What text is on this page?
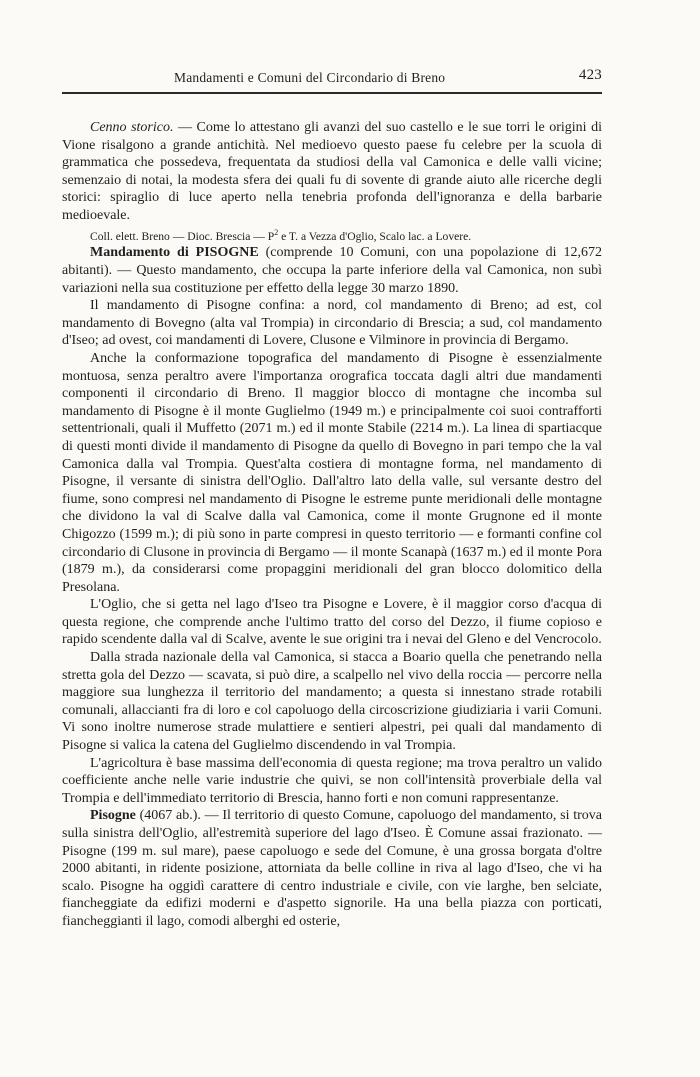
Mandamenti e Comuni del Circondario di Breno	423

Cenno storico. — Come lo attestano gli avanzi del suo castello e le sue torri le origini di Vione risalgono a grande antichità. Nel medioevo questo paese fu celebre per la scuola di grammatica che possedeva, frequentata da studiosi della val Camonica e delle valli vicine; semenzaio di notai, la modesta sfera dei quali fu di sovente di grande aiuto alle ricerche degli storici: spiraglio di luce aperto nella tenebria profonda dell'ignoranza e della barbarie medioevale.

Coll. elett. Breno — Dioc. Brescia — $P^2$ e T. a Vezza d'Oglio, Scalo lac. a Lovere.

Mandamento di PISOGNE (comprende 10 Comuni, con una popolazione di 12,672 abitanti). — Questo mandamento, che occupa la parte inferiore della val Camonica, non subì variazioni nella sua costituzione per effetto della legge 30 marzo 1890.

Il mandamento di Pisogne confina: a nord, col mandamento di Breno; ad est, col mandamento di Bovegno (alta val Trompia) in circondario di Brescia; a sud, col mandamento d'Iseo; ad ovest, coi mandamenti di Lovere, Clusone e Vilminore in provincia di Bergamo.

Anche la conformazione topografica del mandamento di Pisogne è essenzialmente montuosa, senza peraltro avere l'importanza orografica toccata dagli altri due mandamenti componenti il circondario di Breno. Il maggior blocco di montagne che incomba sul mandamento di Pisogne è il monte Guglielmo (1949 m.) e principalmente coi suoi contrafforti settentrionali, quali il Muffetto (2071 m.) ed il monte Stabile (2214 m.). La linea di spartiacque di questi monti divide il mandamento di Pisogne da quello di Bovegno in pari tempo che la val Camonica dalla val Trompia. Quest'alta costiera di montagne forma, nel mandamento di Pisogne, il versante di sinistra dell'Oglio. Dall'altro lato della valle, sul versante destro del fiume, sono compresi nel mandamento di Pisogne le estreme punte meridionali delle montagne che dividono la val di Scalve dalla val Camonica, come il monte Grugnone ed il monte Chigozzo (1599 m.); di più sono in parte compresi in questo territorio — e formanti confine col circondario di Clusone in provincia di Bergamo — il monte Scanapà (1637 m.) ed il monte Pora (1879 m.), da considerarsi come propaggini meridionali del gran blocco dolomitico della Presolana.

L'Oglio, che si getta nel lago d'Iseo tra Pisogne e Lovere, è il maggior corso d'acqua di questa regione, che comprende anche l'ultimo tratto del corso del Dezzo, il fiume copioso e rapido scendente dalla val di Scalve, avente le sue origini tra i nevai del Gleno e del Vencrocolo.

Dalla strada nazionale della val Camonica, si stacca a Boario quella che penetrando nella stretta gola del Dezzo — scavata, si può dire, a scalpello nel vivo della roccia — percorre nella maggiore sua lunghezza il territorio del mandamento; a questa si innestano strade rotabili comunali, allaccianti fra di loro e col capoluogo della circoscrizione giudiziaria i varii Comuni. Vi sono inoltre numerose strade mulattiere e sentieri alpestri, pei quali dal mandamento di Pisogne si valica la catena del Guglielmo discendendo in val Trompia.

L'agricoltura è base massima dell'economia di questa regione; ma trova peraltro un valido coefficiente anche nelle varie industrie che quivi, se non coll'intensità proverbiale della val Trompia e dell'immediato territorio di Brescia, hanno forti e non comuni rappresentanze.

Pisogne (4067 ab.). — Il territorio di questo Comune, capoluogo del mandamento, si trova sulla sinistra dell'Oglio, all'estremità superiore del lago d'Iseo. È Comune assai frazionato. — Pisogne (199 m. sul mare), paese capoluogo e sede del Comune, è una grossa borgata d'oltre 2000 abitanti, in ridente posizione, attorniata da belle colline in riva al lago d'Iseo, che vi ha scalo. Pisogne ha oggidì carattere di centro industriale e civile, con vie larghe, ben selciate, fiancheggiate da edifizi moderni e d'aspetto signorile. Ha una bella piazza con porticati, fiancheggianti il lago, comodi alberghi ed osterie,
